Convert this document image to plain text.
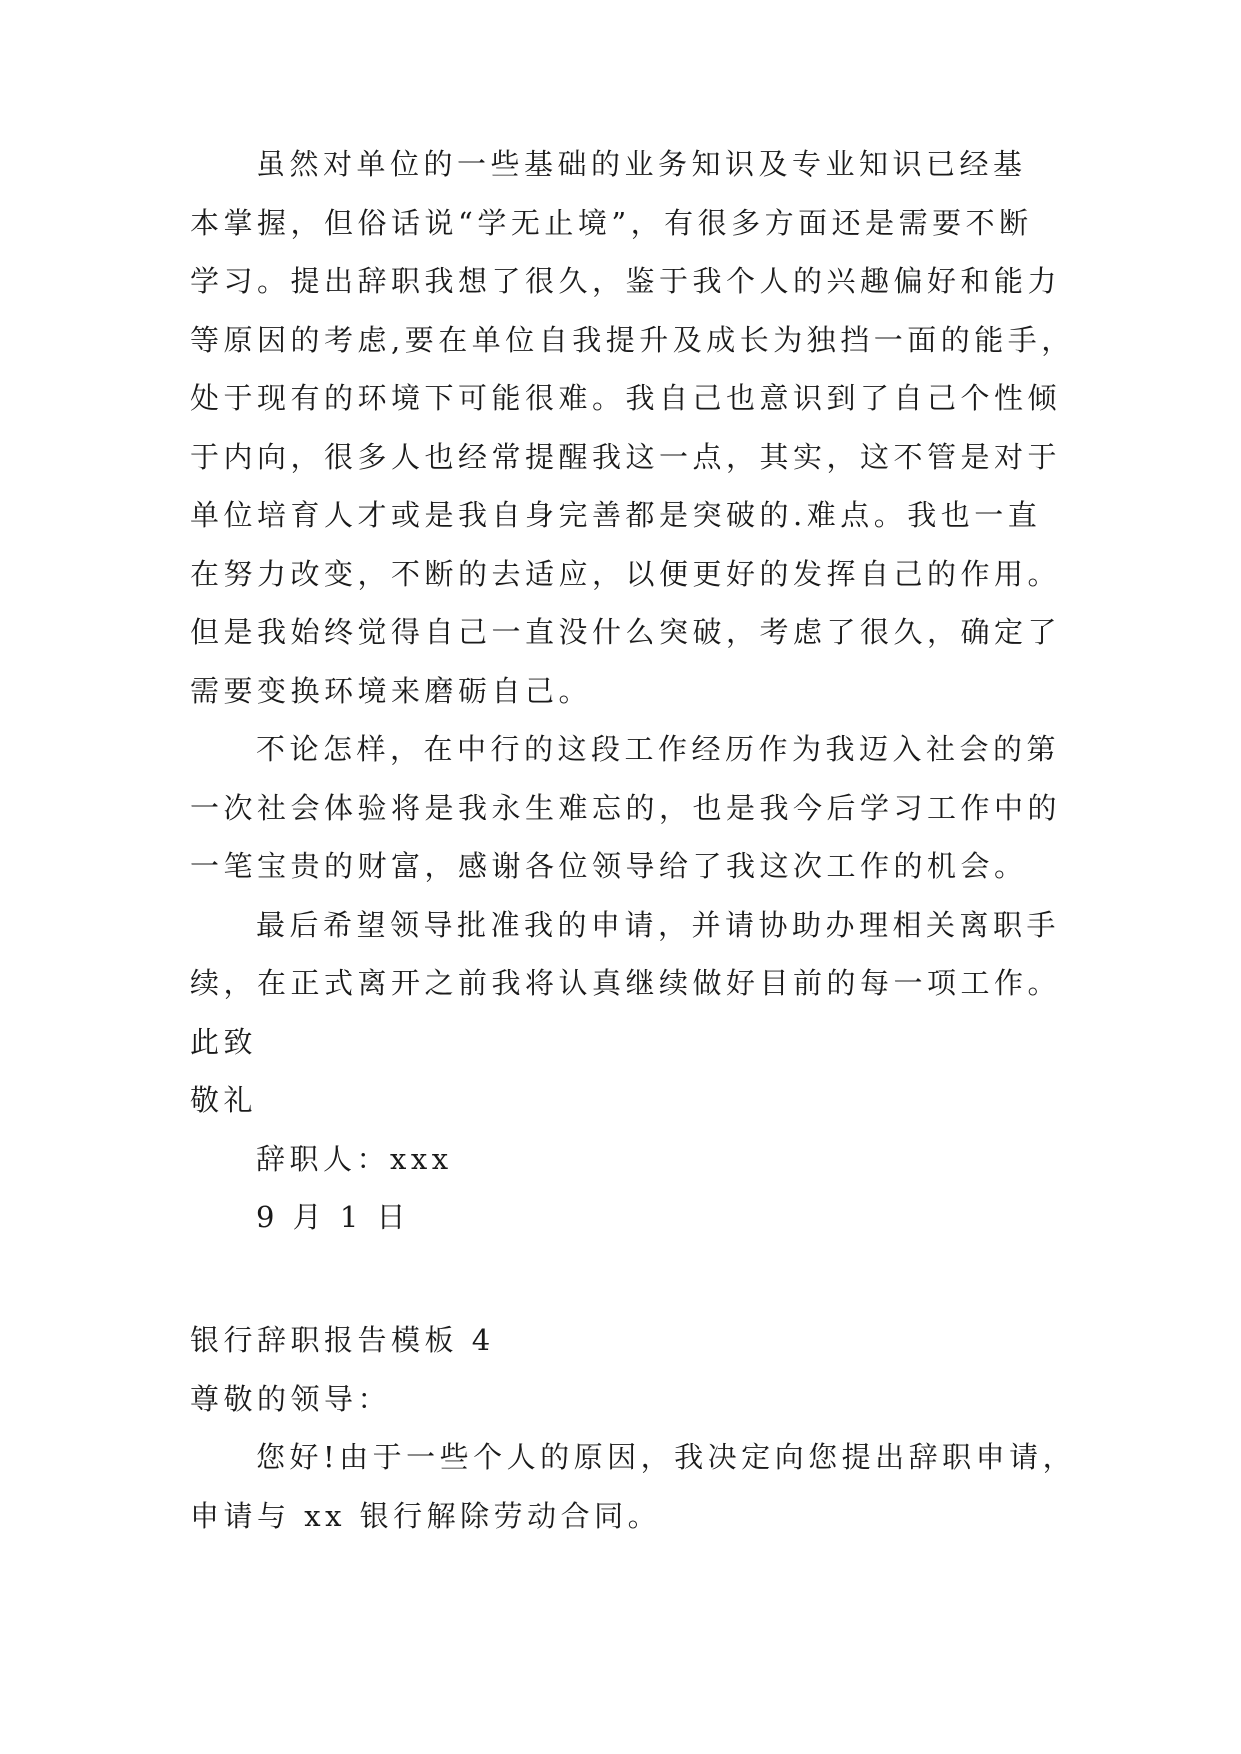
虽然对单位的一些基础的业务知识及专业知识已经基
本掌握，但俗话说“学无止境”，有很多方面还是需要不断
学习。提出辞职我想了很久，鉴于我个人的兴趣偏好和能力
等原因的考虑,要在单位自我提升及成长为独挡一面的能手，
处于现有的环境下可能很难。我自己也意识到了自己个性倾
于内向，很多人也经常提醒我这一点，其实，这不管是对于
单位培育人才或是我自身完善都是突破的.难点。我也一直
在努力改变，不断的去适应，以便更好的发挥自己的作用。
但是我始终觉得自己一直没什么突破，考虑了很久，确定了
需要变换环境来磨砺自己。
不论怎样，在中行的这段工作经历作为我迈入社会的第
一次社会体验将是我永生难忘的，也是我今后学习工作中的
一笔宝贵的财富，感谢各位领导给了我这次工作的机会。
最后希望领导批准我的申请，并请协助办理相关离职手
续，在正式离开之前我将认真继续做好目前的每一项工作。
此致
敬礼
辞职人：xxx
9 月 1 日
银行辞职报告模板 4
尊敬的领导：
您好!由于一些个人的原因，我决定向您提出辞职申请，
申请与 xx 银行解除劳动合同。
